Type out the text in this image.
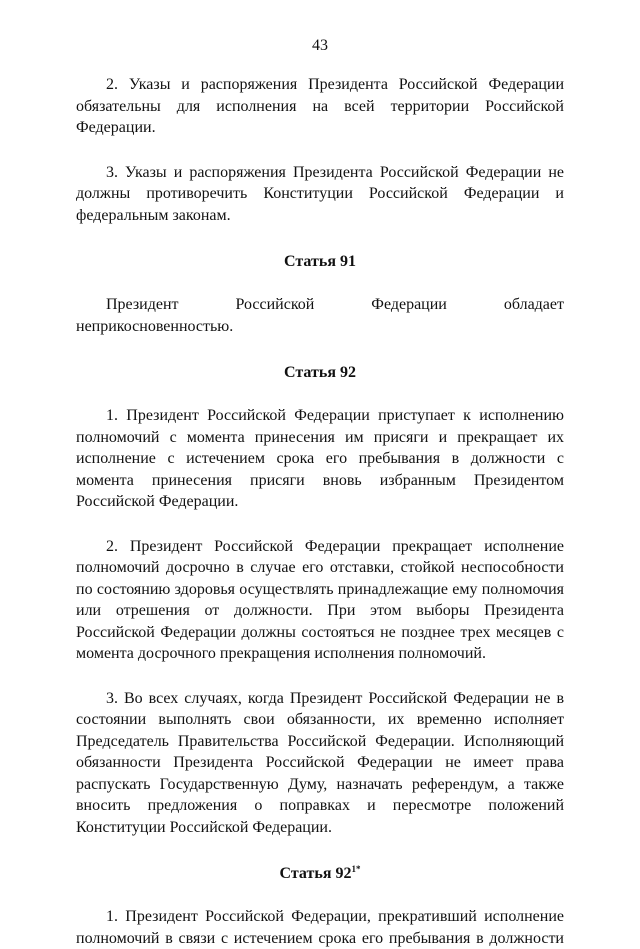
43

2. Указы и распоряжения Президента Российской Федерации обязательны для исполнения на всей территории Российской Федерации.

3. Указы и распоряжения Президента Российской Федерации не должны противоречить Конституции Российской Федерации и федеральным законам.

Статья 91

Президент Российской Федерации обладает неприкосновенностью.

Статья 92

1. Президент Российской Федерации приступает к исполнению полномочий с момента принесения им присяги и прекращает их исполнение с истечением срока его пребывания в должности с момента принесения присяги вновь избранным Президентом Российской Федерации.

2. Президент Российской Федерации прекращает исполнение полномочий досрочно в случае его отставки, стойкой неспособности по состоянию здоровья осуществлять принадлежащие ему полномочия или отрешения от должности. При этом выборы Президента Российской Федерации должны состояться не позднее трех месяцев с момента досрочного прекращения исполнения полномочий.

3. Во всех случаях, когда Президент Российской Федерации не в состоянии выполнять свои обязанности, их временно исполняет Председатель Правительства Российской Федерации. Исполняющий обязанности Президента Российской Федерации не имеет права распускать Государственную Думу, назначать референдум, а также вносить предложения о поправках и пересмотре положений Конституции Российской Федерации.

Статья $92^{1*}$

1. Президент Российской Федерации, прекративший исполнение полномочий в связи с истечением срока его пребывания в должности
